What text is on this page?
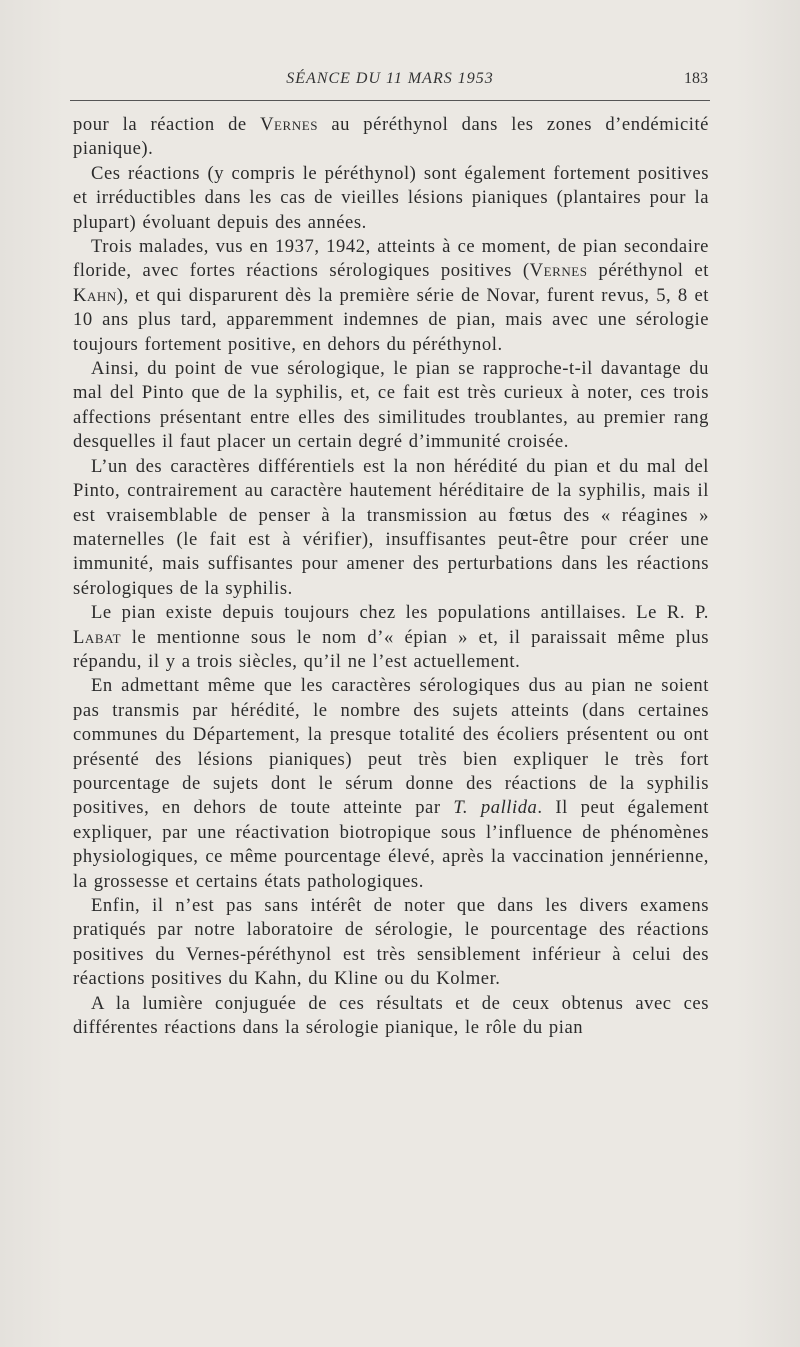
SÉANCE DU 11 MARS 1953	183

pour la réaction de Vernes au péréthynol dans les zones d’endémicité pianique).

Ces réactions (y compris le péréthynol) sont également fortement positives et irréductibles dans les cas de vieilles lésions pianiques (plantaires pour la plupart) évoluant depuis des années.

Trois malades, vus en 1937, 1942, atteints à ce moment, de pian secondaire floride, avec fortes réactions sérologiques positives (Vernes péréthynol et Kahn), et qui disparurent dès la première série de Novar, furent revus, 5, 8 et 10 ans plus tard, apparemment indemnes de pian, mais avec une sérologie toujours fortement positive, en dehors du péréthynol.

Ainsi, du point de vue sérologique, le pian se rapproche-t-il davantage du mal del Pinto que de la syphilis, et, ce fait est très curieux à noter, ces trois affections présentant entre elles des similitudes troublantes, au premier rang desquelles il faut placer un certain degré d’immunité croisée.

L’un des caractères différentiels est la non hérédité du pian et du mal del Pinto, contrairement au caractère hautement héréditaire de la syphilis, mais il est vraisemblable de penser à la transmission au fœtus des « réagines » maternelles (le fait est à vérifier), insuffisantes peut-être pour créer une immunité, mais suffisantes pour amener des perturbations dans les réactions sérologiques de la syphilis.

Le pian existe depuis toujours chez les populations antillaises. Le R. P. Labat le mentionne sous le nom d’« épian » et, il paraissait même plus répandu, il y a trois siècles, qu’il ne l’est actuellement.

En admettant même que les caractères sérologiques dus au pian ne soient pas transmis par hérédité, le nombre des sujets atteints (dans certaines communes du Département, la presque totalité des écoliers présentent ou ont présenté des lésions pianiques) peut très bien expliquer le très fort pourcentage de sujets dont le sérum donne des réactions de la syphilis positives, en dehors de toute atteinte par T. pallida. Il peut également expliquer, par une réactivation biotropique sous l’influence de phénomènes physiologiques, ce même pourcentage élevé, après la vaccination jennérienne, la grossesse et certains états pathologiques.

Enfin, il n’est pas sans intérêt de noter que dans les divers examens pratiqués par notre laboratoire de sérologie, le pourcentage des réactions positives du Vernes-péréthynol est très sensiblement inférieur à celui des réactions positives du Kahn, du Kline ou du Kolmer.

A la lumière conjuguée de ces résultats et de ceux obtenus avec ces différentes réactions dans la sérologie pianique, le rôle du pian
